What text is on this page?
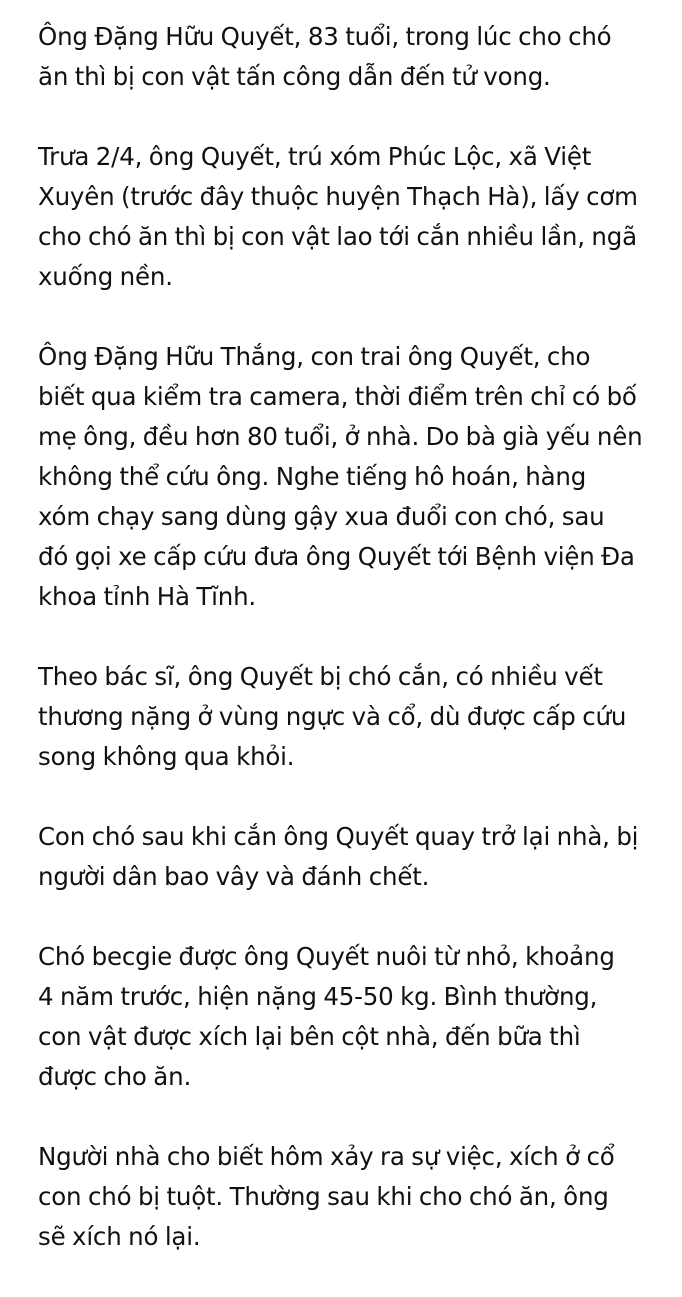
Ông Đặng Hữu Quyết, 83 tuổi, trong lúc cho chó
ăn thì bị con vật tấn công dẫn đến tử vong.

Trưa 2/4, ông Quyết, trú xóm Phúc Lộc, xã Việt
Xuyên (trước đây thuộc huyện Thạch Hà), lấy cơm
cho chó ăn thì bị con vật lao tới cắn nhiều lần, ngã
xuống nền.

Ông Đặng Hữu Thắng, con trai ông Quyết, cho
biết qua kiểm tra camera, thời điểm trên chỉ có bố
mẹ ông, đều hơn 80 tuổi, ở nhà. Do bà già yếu nên
không thể cứu ông. Nghe tiếng hô hoán, hàng
xóm chạy sang dùng gậy xua đuổi con chó, sau
đó gọi xe cấp cứu đưa ông Quyết tới Bệnh viện Đa
khoa tỉnh Hà Tĩnh.

Theo bác sĩ, ông Quyết bị chó cắn, có nhiều vết
thương nặng ở vùng ngực và cổ, dù được cấp cứu
song không qua khỏi.

Con chó sau khi cắn ông Quyết quay trở lại nhà, bị
người dân bao vây và đánh chết.

Chó becgie được ông Quyết nuôi từ nhỏ, khoảng
4 năm trước, hiện nặng 45-50 kg. Bình thường,
con vật được xích lại bên cột nhà, đến bữa thì
được cho ăn.

Người nhà cho biết hôm xảy ra sự việc, xích ở cổ
con chó bị tuột. Thường sau khi cho chó ăn, ông
sẽ xích nó lại.
